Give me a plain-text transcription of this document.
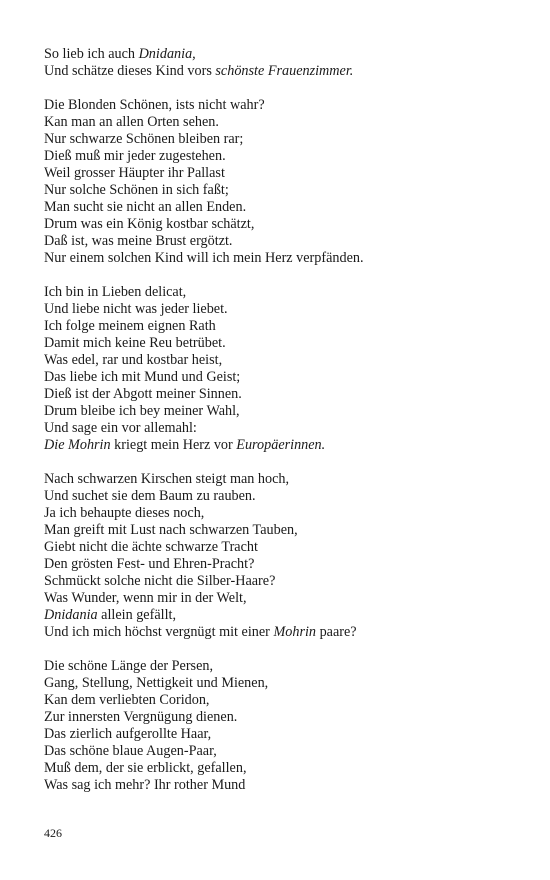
So lieb ich auch Dnidania,
Und schätze dieses Kind vors schönste Frauenzimmer.
Die Blonden Schönen, ists nicht wahr?
Kan man an allen Orten sehen.
Nur schwarze Schönen bleiben rar;
Dieß muß mir jeder zugestehen.
Weil grosser Häupter ihr Pallast
Nur solche Schönen in sich faßt;
Man sucht sie nicht an allen Enden.
Drum was ein König kostbar schätzt,
Daß ist, was meine Brust ergötzt.
Nur einem solchen Kind will ich mein Herz verpfänden.
Ich bin in Lieben delicat,
Und liebe nicht was jeder liebet.
Ich folge meinem eignen Rath
Damit mich keine Reu betrübet.
Was edel, rar und kostbar heist,
Das liebe ich mit Mund und Geist;
Dieß ist der Abgott meiner Sinnen.
Drum bleibe ich bey meiner Wahl,
Und sage ein vor allemahl:
Die Mohrin kriegt mein Herz vor Europäerinnen.
Nach schwarzen Kirschen steigt man hoch,
Und suchet sie dem Baum zu rauben.
Ja ich behaupte dieses noch,
Man greift mit Lust nach schwarzen Tauben,
Giebt nicht die ächte schwarze Tracht
Den grösten Fest- und Ehren-Pracht?
Schmückt solche nicht die Silber-Haare?
Was Wunder, wenn mir in der Welt,
Dnidania allein gefällt,
Und ich mich höchst vergnügt mit einer Mohrin paare?
Die schöne Länge der Persen,
Gang, Stellung, Nettigkeit und Mienen,
Kan dem verliebten Coridon,
Zur innersten Vergnügung dienen.
Das zierlich aufgerollte Haar,
Das schöne blaue Augen-Paar,
Muß dem, der sie erblickt, gefallen,
Was sag ich mehr? Ihr rother Mund
426
